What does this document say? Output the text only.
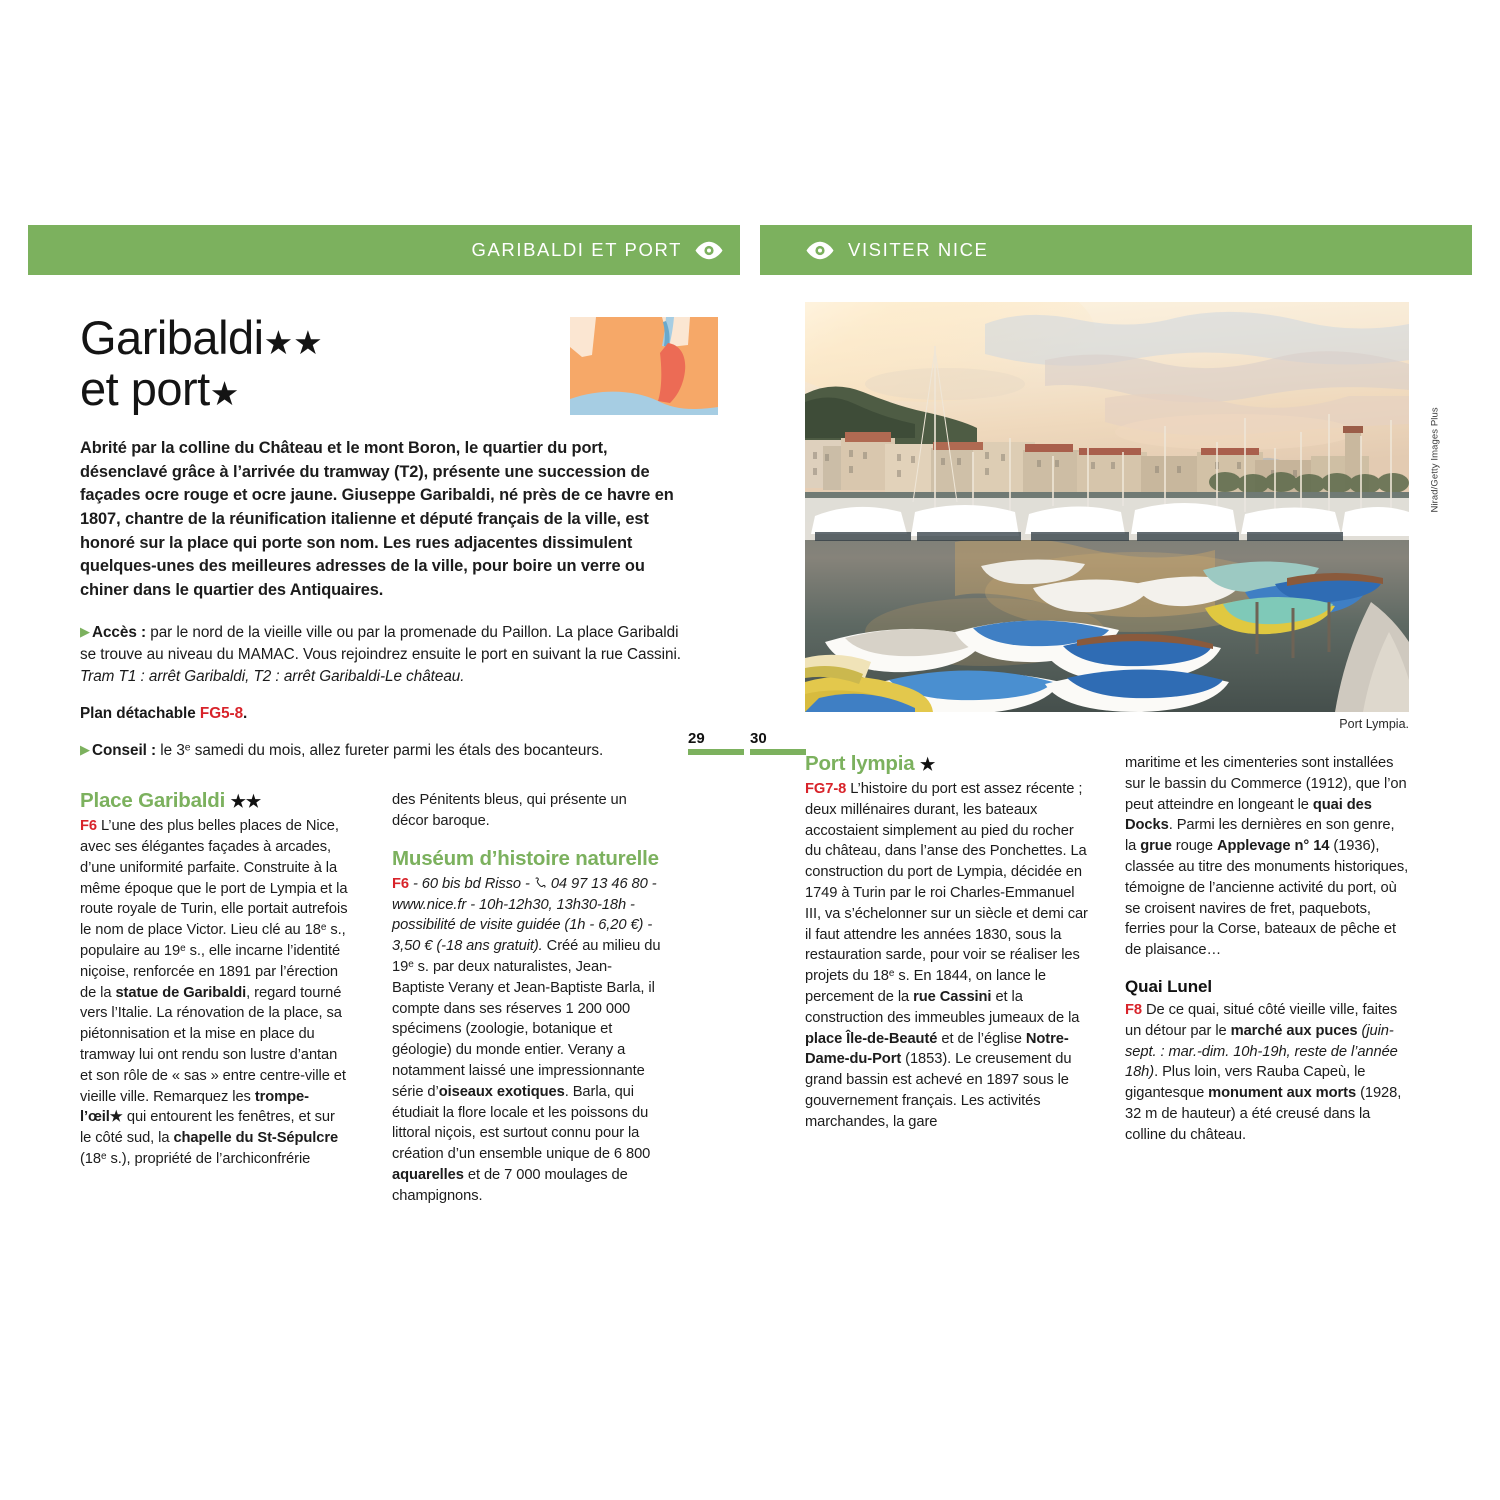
GARIBALDI ET PORT	VISITER NICE
Garibaldi★★
et port★

Abrité par la colline du Château et le mont Boron, le quartier du port, désenclavé grâce à l’arrivée du tramway (T2), présente une succession de façades ocre rouge et ocre jaune. Giuseppe Garibaldi, né près de ce havre en 1807, chantre de la réunification italienne et député français de la ville, est honoré sur la place qui porte son nom. Les rues adjacentes dissimulent quelques-unes des meilleures adresses de la ville, pour boire un verre ou chiner dans le quartier des Antiquaires.

▶ Accès : par le nord de la vieille ville ou par la promenade du Paillon. La place Garibaldi se trouve au niveau du MAMAC. Vous rejoindrez ensuite le port en suivant la rue Cassini. Tram T1 : arrêt Garibaldi, T2 : arrêt Garibaldi-Le château.

Plan détachable FG5-8.

▶ Conseil : le 3e samedi du mois, allez fureter parmi les étals des bocanteurs.

Place Garibaldi ★★

F6 L’une des plus belles places de Nice, avec ses élégantes façades à arcades, d’une uniformité parfaite. Construite à la même époque que le port de Lympia et la route royale de Turin, elle portait autrefois le nom de place Victor. Lieu clé au 18e s., populaire au 19e s., elle incarne l’identité niçoise, renforcée en 1891 par l’érection de la statue de Garibaldi, regard tourné vers l’Italie. La rénovation de la place, sa piétonnisation et la mise en place du tramway lui ont rendu son lustre d’antan et son rôle de « sas » entre centre-ville et vieille ville. Remarquez les trompe-l’œil★ qui entourent les fenêtres, et sur le côté sud, la chapelle du St-Sépulcre (18e s.), propriété de l’archiconfrérie

des Pénitents bleus, qui présente un décor baroque.

Muséum d’histoire naturelle

F6 - 60 bis bd Risso -  04 97 13 46 80 - www.nice.fr - 10h-12h30, 13h30-18h - possibilité de visite guidée (1h - 6,20 €) - 3,50 € (-18 ans gratuit). Créé au milieu du 19e s. par deux naturalistes, Jean-Baptiste Verany et Jean-Baptiste Barla, il compte dans ses réserves 1 200 000 spécimens (zoologie, botanique et géologie) du monde entier. Verany a notamment laissé une impressionnante série d’oiseaux exotiques. Barla, qui étudiait la flore locale et les poissons du littoral niçois, est surtout connu pour la création d’un ensemble unique de 6 800 aquarelles et de 7 000 moulages de champignons.

29	30
Nirad/Getty Images Plus
Port Lympia.
Port lympia ★

FG7-8 L’histoire du port est assez récente ; deux millénaires durant, les bateaux accostaient simplement au pied du rocher du château, dans l’anse des Ponchettes. La construction du port de Lympia, décidée en 1749 à Turin par le roi Charles-Emmanuel III, va s’échelonner sur un siècle et demi car il faut attendre les années 1830, sous la restauration sarde, pour voir se réaliser les projets du 18e s. En 1844, on lance le percement de la rue Cassini et la construction des immeubles jumeaux de la place Île-de-Beauté et de l’église Notre-Dame-du-Port (1853). Le creusement du grand bassin est achevé en 1897 sous le gouvernement français. Les activités marchandes, la gare

maritime et les cimenteries sont installées sur le bassin du Commerce (1912), que l’on peut atteindre en longeant le quai des Docks. Parmi les dernières en son genre, la grue rouge Applevage n° 14 (1936), classée au titre des monuments historiques, témoigne de l’ancienne activité du port, où se croisent navires de fret, paquebots, ferries pour la Corse, bateaux de pêche et de plaisance…

Quai Lunel

F8 De ce quai, situé côté vieille ville, faites un détour par le marché aux puces (juin-sept. : mar.-dim. 10h-19h, reste de l’année 18h). Plus loin, vers Rauba Capeù, le gigantesque monument aux morts (1928, 32 m de hauteur) a été creusé dans la colline du château.
